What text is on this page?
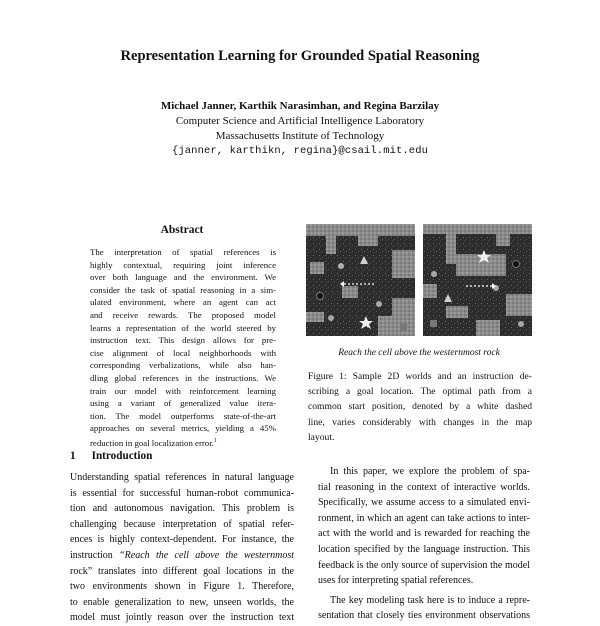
Representation Learning for Grounded Spatial Reasoning
Michael Janner, Karthik Narasimhan, and Regina Barzilay
Computer Science and Artificial Intelligence Laboratory
Massachusetts Institute of Technology
{janner, karthikn, regina}@csail.mit.edu
Abstract
The interpretation of spatial references is
highly contextual, requiring joint inference
over both language and the environment. We
consider the task of spatial reasoning in a sim-
ulated environment, where an agent can act
and receive rewards. The proposed model
learns a representation of the world steered by
instruction text. This design allows for pre-
cise alignment of local neighborhoods with
corresponding verbalizations, while also han-
dling global references in the instructions. We
train our model with reinforcement learning
using a variant of generalized value itera-
tion. The model outperforms state-of-the-art
approaches on several metrics, yielding a 45%
reduction in goal localization error.$^1$
1 Introduction
Understanding spatial references in natural language
is essential for successful human-robot communica-
tion and autonomous navigation. This problem is
challenging because interpretation of spatial refer-
ences is highly context-dependent. For instance, the
instruction “Reach the cell above the westernmost
rock” translates into different goal locations in the
two environments shown in Figure 1. Therefore,
to enable generalization to new, unseen worlds, the
model must jointly reason over the instruction text
Reach the cell above the westernmost rock
Figure 1: Sample 2D worlds and an instruction de-
scribing a goal location. The optimal path from a
common start position, denoted by a white dashed
line, varies considerably with changes in the map
layout.
In this paper, we explore the problem of spa-
tial reasoning in the context of interactive worlds.
Specifically, we assume access to a simulated envi-
ronment, in which an agent can take actions to inter-
act with the world and is rewarded for reaching the
location specified by the language instruction. This
feedback is the only source of supervision the model
uses for interpreting spatial references.
The key modeling task here is to induce a repre-
sentation that closely ties environment observations
